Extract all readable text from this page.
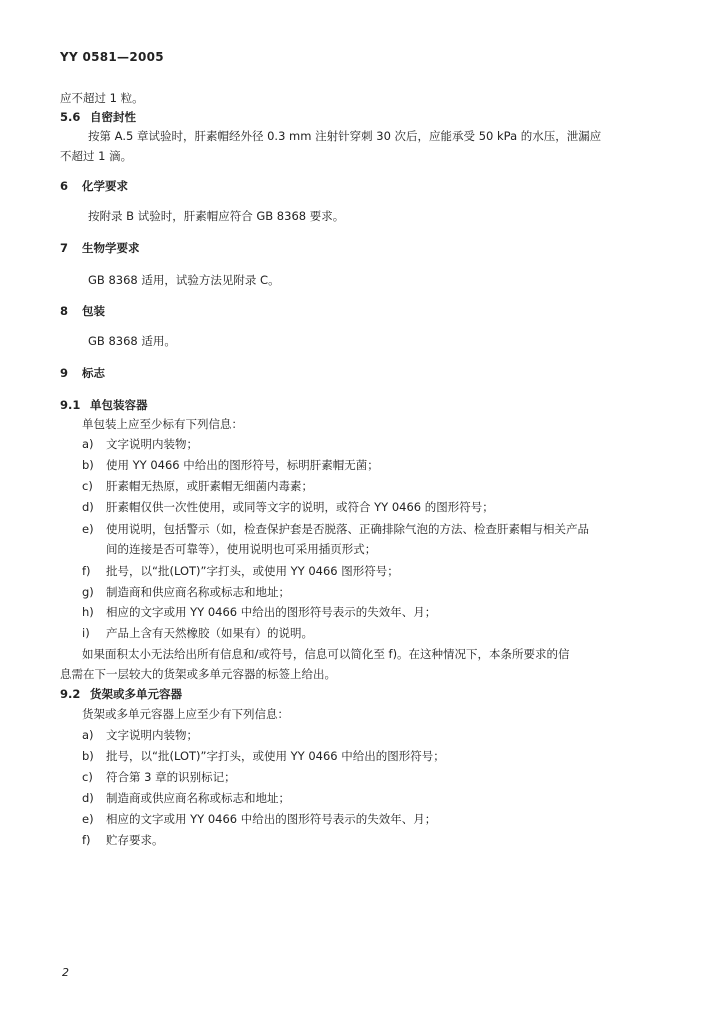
YY 0581—2005
应不超过 1 粒。
5.6 自密封性
按第 A.5 章试验时，肝素帽经外径 0.3 mm 注射针穿刺 30 次后，应能承受 50 kPa 的水压，泄漏应
不超过 1 滴。
6 化学要求
按附录 B 试验时，肝素帽应符合 GB 8368 要求。
7 生物学要求
GB 8368 适用，试验方法见附录 C。
8 包装
GB 8368 适用。
9 标志
9.1 单包装容器
单包装上应至少标有下列信息：
a) 文字说明内装物；
b) 使用 YY 0466 中给出的图形符号，标明肝素帽无菌；
c) 肝素帽无热原，或肝素帽无细菌内毒素；
d) 肝素帽仅供一次性使用，或同等文字的说明，或符合 YY 0466 的图形符号；
e) 使用说明，包括警示（如，检查保护套是否脱落、正确排除气泡的方法、检查肝素帽与相关产品
间的连接是否可靠等），使用说明也可采用插页形式；
f) 批号，以“批(LOT)”字打头，或使用 YY 0466 图形符号；
g) 制造商和供应商名称或标志和地址；
h) 相应的文字或用 YY 0466 中给出的图形符号表示的失效年、月；
i) 产品上含有天然橡胶（如果有）的说明。
如果面积太小无法给出所有信息和/或符号，信息可以简化至 f)。在这种情况下，本条所要求的信
息需在下一层较大的货架或多单元容器的标签上给出。
9.2 货架或多单元容器
货架或多单元容器上应至少有下列信息：
a) 文字说明内装物；
b) 批号，以“批(LOT)”字打头，或使用 YY 0466 中给出的图形符号；
c) 符合第 3 章的识别标记；
d) 制造商或供应商名称或标志和地址；
e) 相应的文字或用 YY 0466 中给出的图形符号表示的失效年、月；
f) 贮存要求。
2
